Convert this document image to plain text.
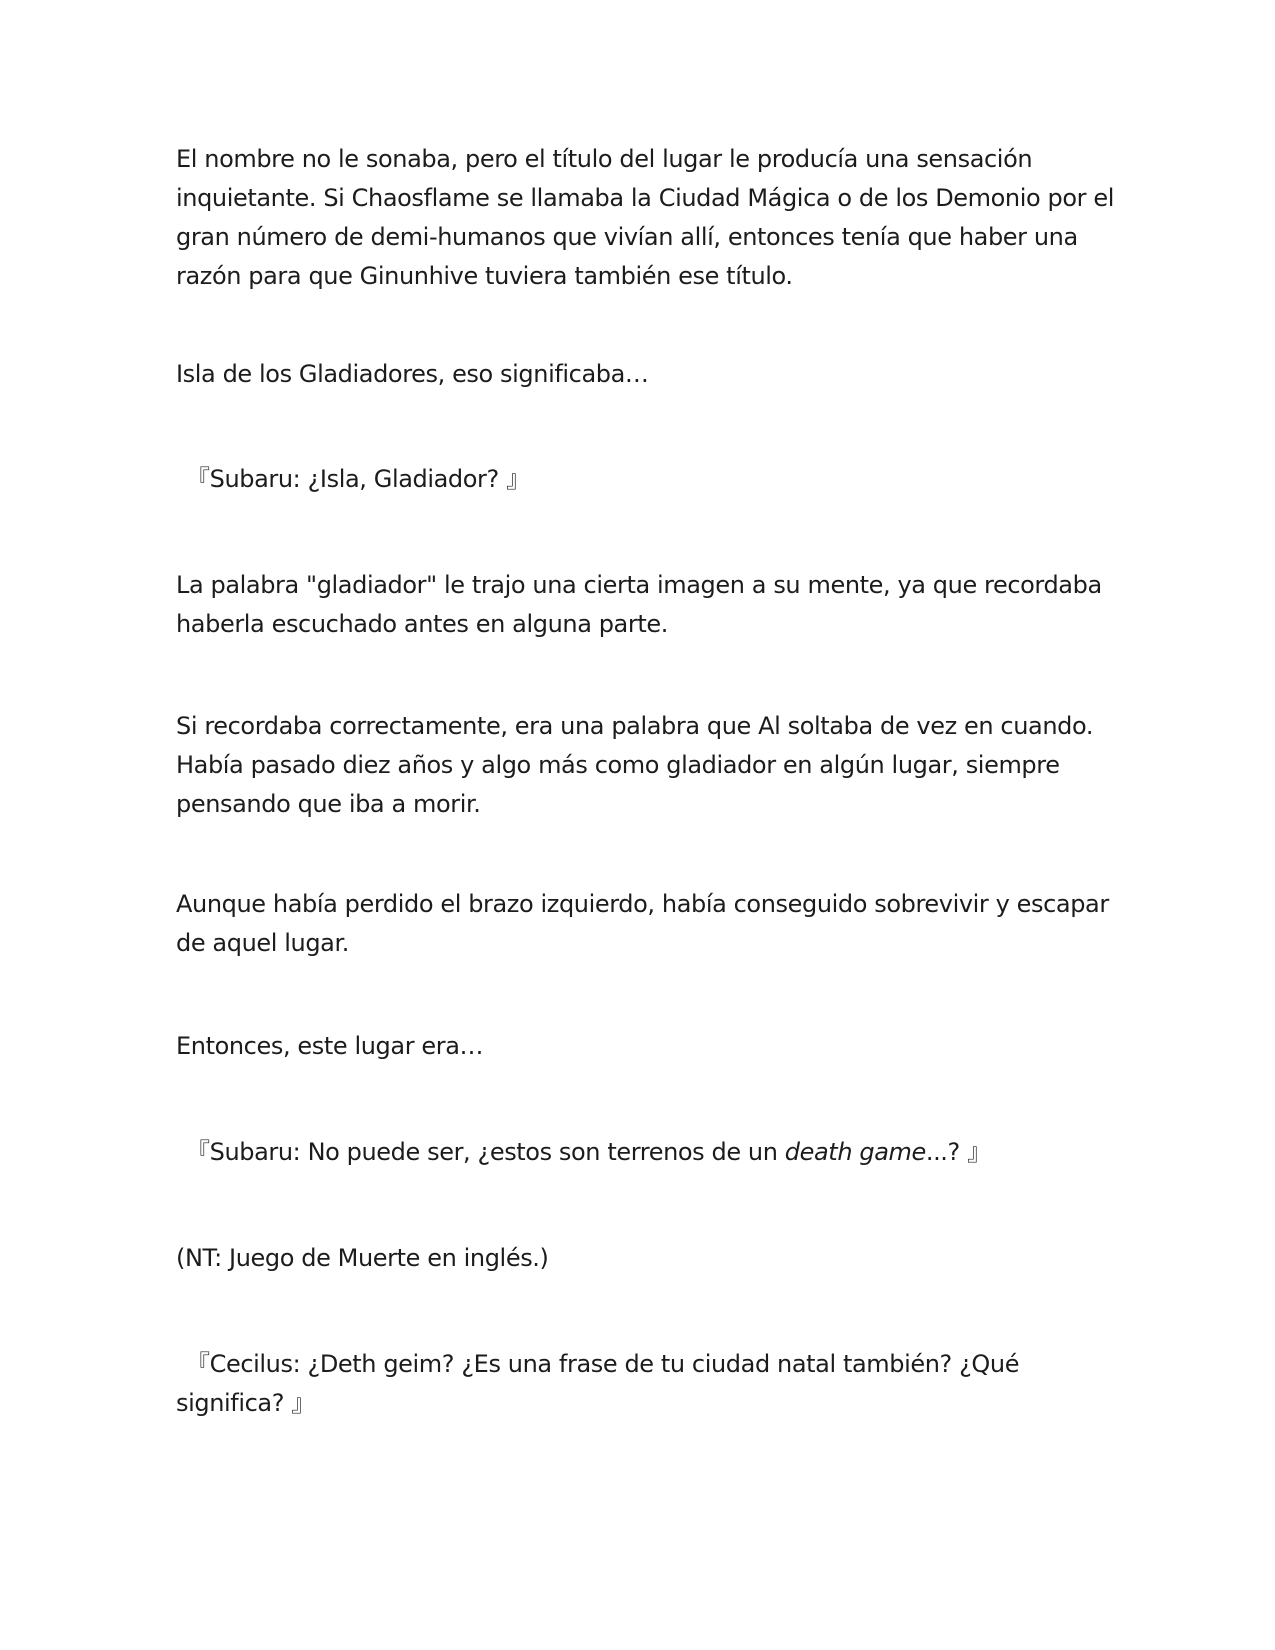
El nombre no le sonaba, pero el título del lugar le producía una sensación inquietante. Si Chaosflame se llamaba la Ciudad Mágica o de los Demonio por el gran número de demi-humanos que vivían allí, entonces tenía que haber una razón para que Ginunhive tuviera también ese título.

Isla de los Gladiadores, eso significaba…

『Subaru: ¿Isla, Gladiador? 』

La palabra "gladiador" le trajo una cierta imagen a su mente, ya que recordaba haberla escuchado antes en alguna parte.

Si recordaba correctamente, era una palabra que Al soltaba de vez en cuando. Había pasado diez años y algo más como gladiador en algún lugar, siempre pensando que iba a morir.

Aunque había perdido el brazo izquierdo, había conseguido sobrevivir y escapar de aquel lugar.

Entonces, este lugar era…

『Subaru: No puede ser, ¿estos son terrenos de un death game...? 』

(NT: Juego de Muerte en inglés.)

『Cecilus: ¿Deth geim? ¿Es una frase de tu ciudad natal también? ¿Qué significa? 』
